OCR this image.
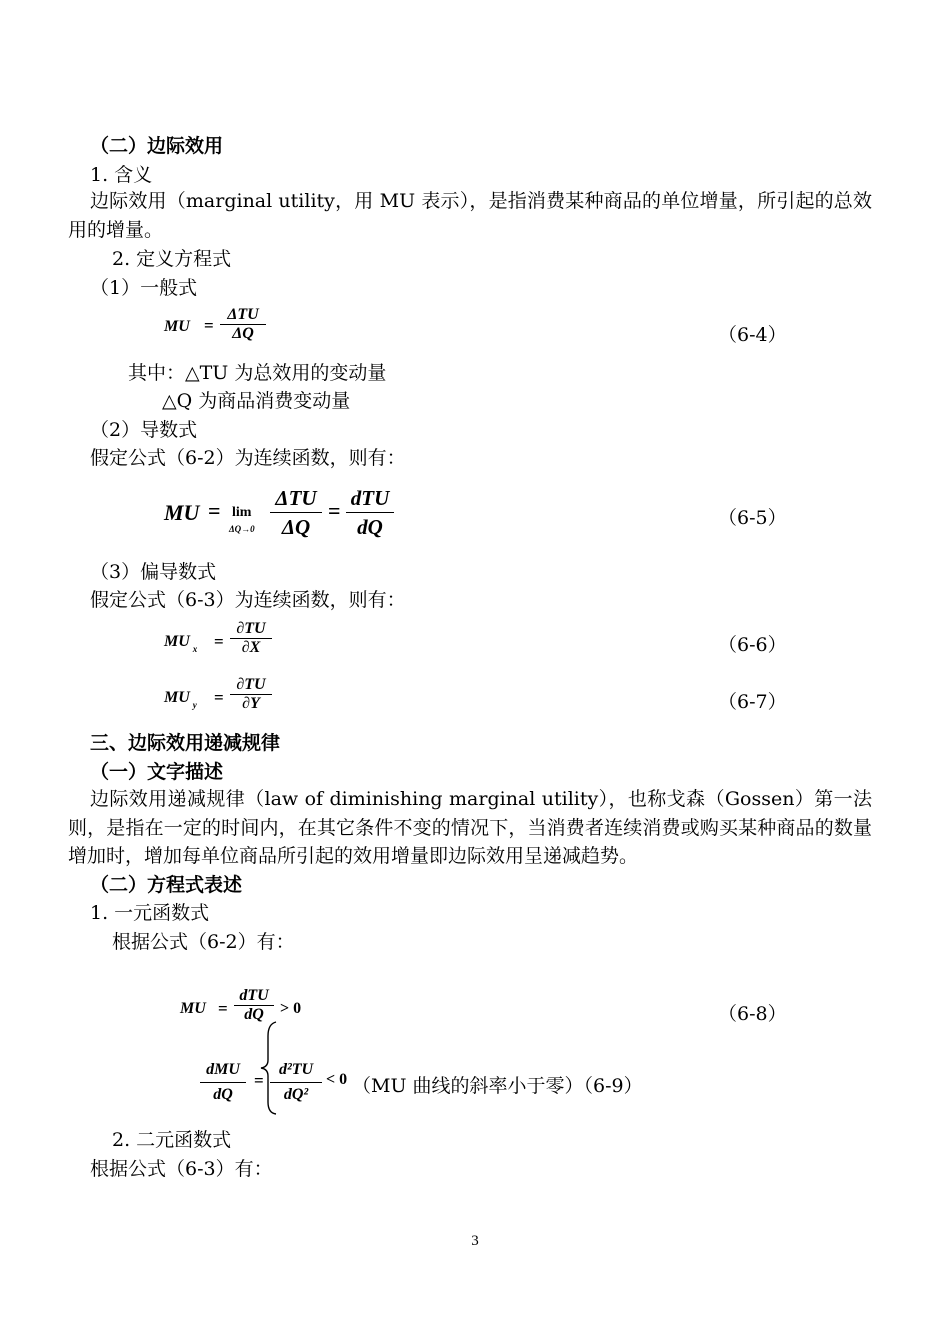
（二）边际效用
1. 含义
边际效用（marginal utility，用 MU 表示），是指消费某种商品的单位增量，所引起的总效用的增量。
2. 定义方程式
（1）一般式
MU =
ΔTU
ΔQ	（6-4）
其中：△TU 为总效用的变动量
△Q 为商品消费变动量
（2）导数式
假定公式（6-2）为连续函数，则有：
MU = lim
ΔQ→0
ΔTU
ΔQ
= dTU
dQ	（6-5）
（3）偏导数式
假定公式（6-3）为连续函数，则有：
MU $_x$ =
∂TU
∂X	（6-6）
MU $_y$ =
∂TU
∂Y	（6-7）
三、边际效用递减规律
（一）文字描述
边际效用递减规律（law of diminishing marginal utility），也称戈森（Gossen）第一法则，是指在一定的时间内，在其它条件不变的情况下，当消费者连续消费或购买某种商品的数量增加时，增加每单位商品所引起的效用增量即边际效用呈递减趋势。
（二）方程式表述
1. 一元函数式
根据公式（6-2）有：
MU =
dTU
dQ	> 0	（6-8）
dMU
dQ
=
d²TU
dQ²
< 0 （MU 曲线的斜率小于零）（6-9）
2. 二元函数式
根据公式（6-3）有：
3
